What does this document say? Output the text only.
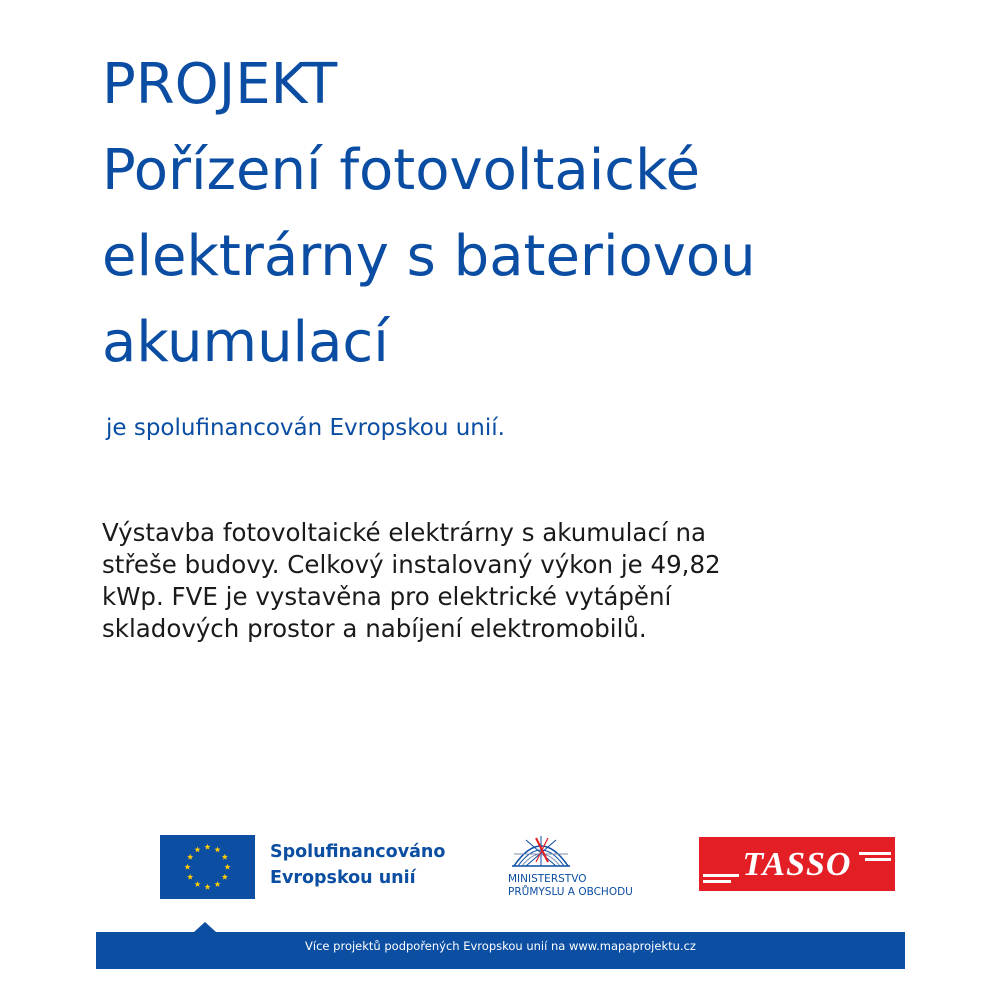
PROJEKT
Pořízení fotovoltaické
elektrárny s bateriovou
akumulací
je spolufinancován Evropskou unií.

Výstavba fotovoltaické elektrárny s akumulací na
střeše budovy. Celkový instalovaný výkon je 49,82
kWp. FVE je vystavěna pro elektrické vytápění
skladových prostor a nabíjení elektromobilů.

Spolufinancováno
Evropskou unií	MINISTERSTVO
PRŮMYSLU A OBCHODU
TASSO
Více projektů podpořených Evropskou unií na www.mapaprojektu.cz
